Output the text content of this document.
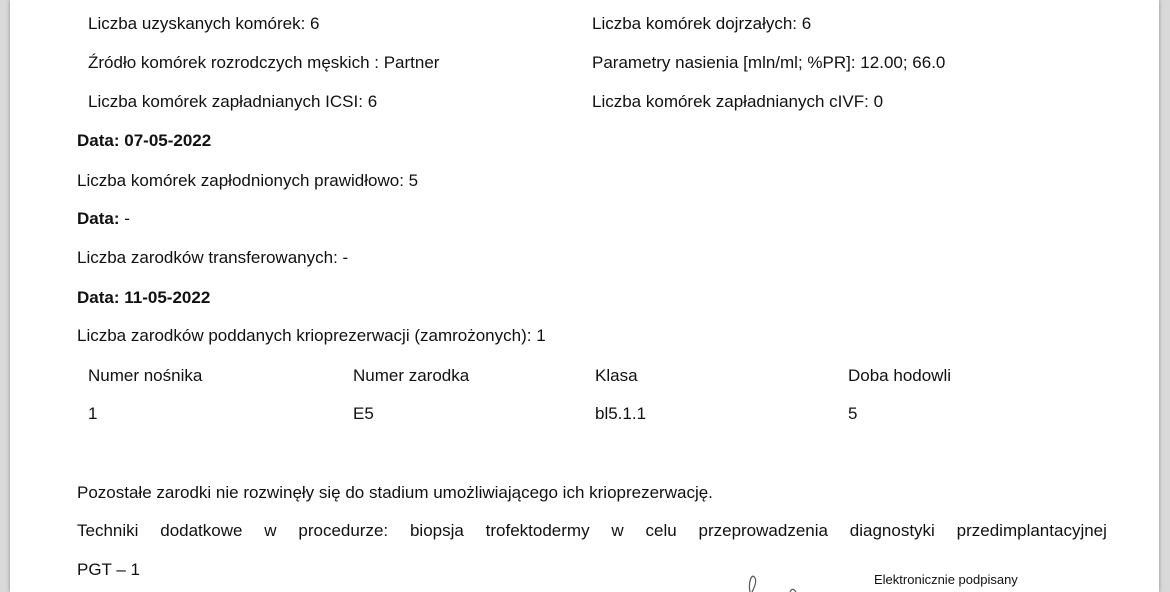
Liczba uzyskanych komórek: 6	Liczba komórek dojrzałych: 6
Źródło komórek rozrodczych męskich : Partner	Parametry nasienia [mln/ml; %PR]: 12.00; 66.0
Liczba komórek zapładnianych ICSI: 6	Liczba komórek zapładnianych cIVF: 0
Data: 07-05-2022
Liczba komórek zapłodnionych prawidłowo: 5
Data: -
Liczba zarodków transferowanych: -
Data: 11-05-2022
Liczba zarodków poddanych krioprezerwacji (zamrożonych): 1
Numer nośnika	Numer zarodka	Klasa	Doba hodowli
1	E5	bl5.1.1	5
Pozostałe zarodki nie rozwinęły się do stadium umożliwiającego ich krioprezerwację.
Techniki dodatkowe w procedurze: biopsja trofektodermy w celu przeprowadzenia diagnostyki przedimplantacyjnej
PGT – 1
Elektronicznie podpisany
